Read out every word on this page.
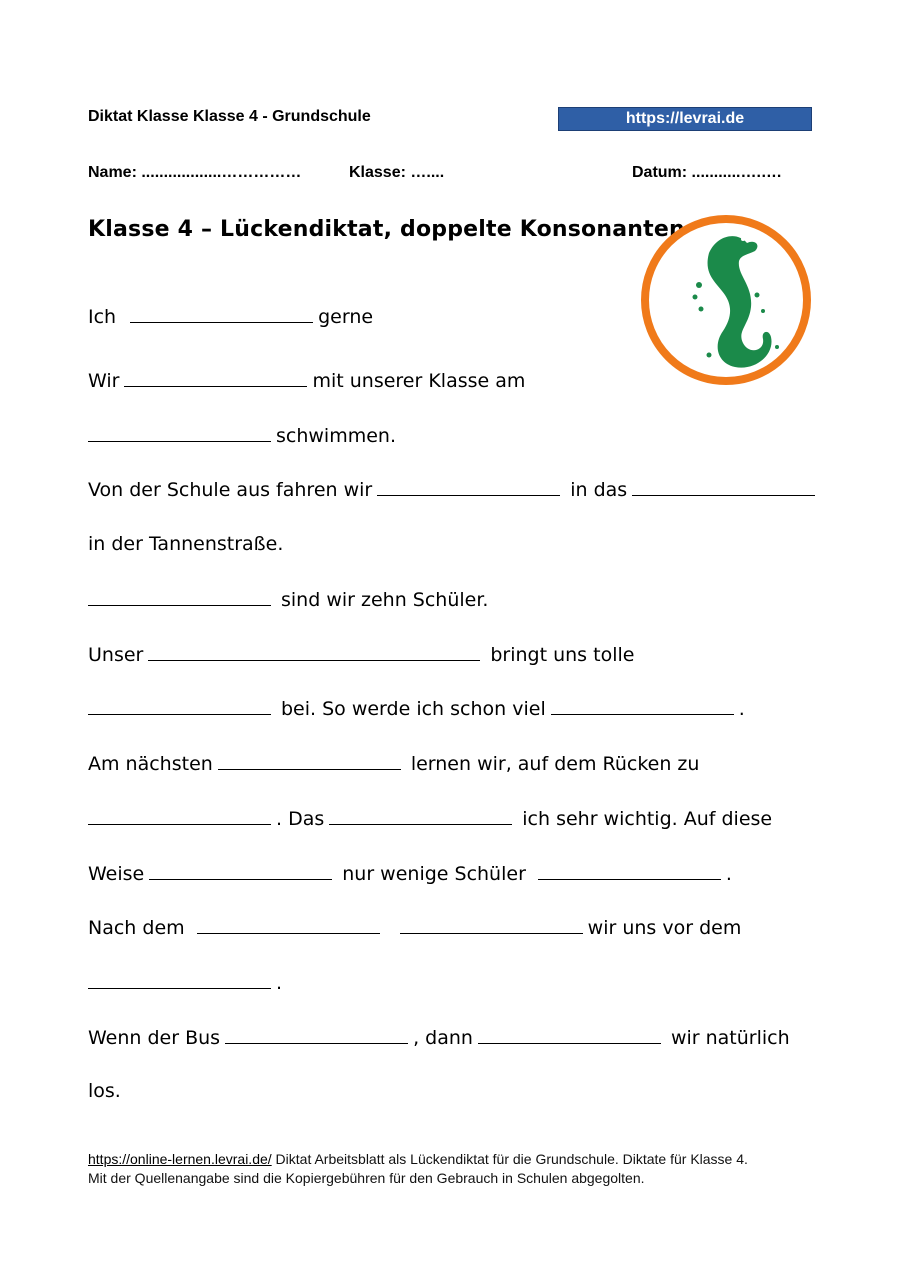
Diktat Klasse Klasse 4 - Grundschule	https://levrai.de
Name: ..................……………	Klasse: …....	Datum: ...........….….
Klasse 4 – Lückendiktat, doppelte Konsonanten
Ich	gerne
Wir	mit unserer Klasse am
schwimmen.
Von der Schule aus fahren wir	in das
in der Tannenstraße.
sind wir zehn Schüler.
Unser	bringt uns tolle
bei. So werde ich schon viel	.
Am nächsten	lernen wir, auf dem Rücken zu
. Das	ich sehr wichtig. Auf diese
Weise	nur wenige Schüler	.
Nach dem	wir uns vor dem
.
Wenn der Bus	, dann	wir natürlich
los.
https://online-lernen.levrai.de/ Diktat Arbeitsblatt als Lückendiktat für die Grundschule. Diktate für Klasse 4.
Mit der Quellenangabe sind die Kopiergebühren für den Gebrauch in Schulen abgegolten.
